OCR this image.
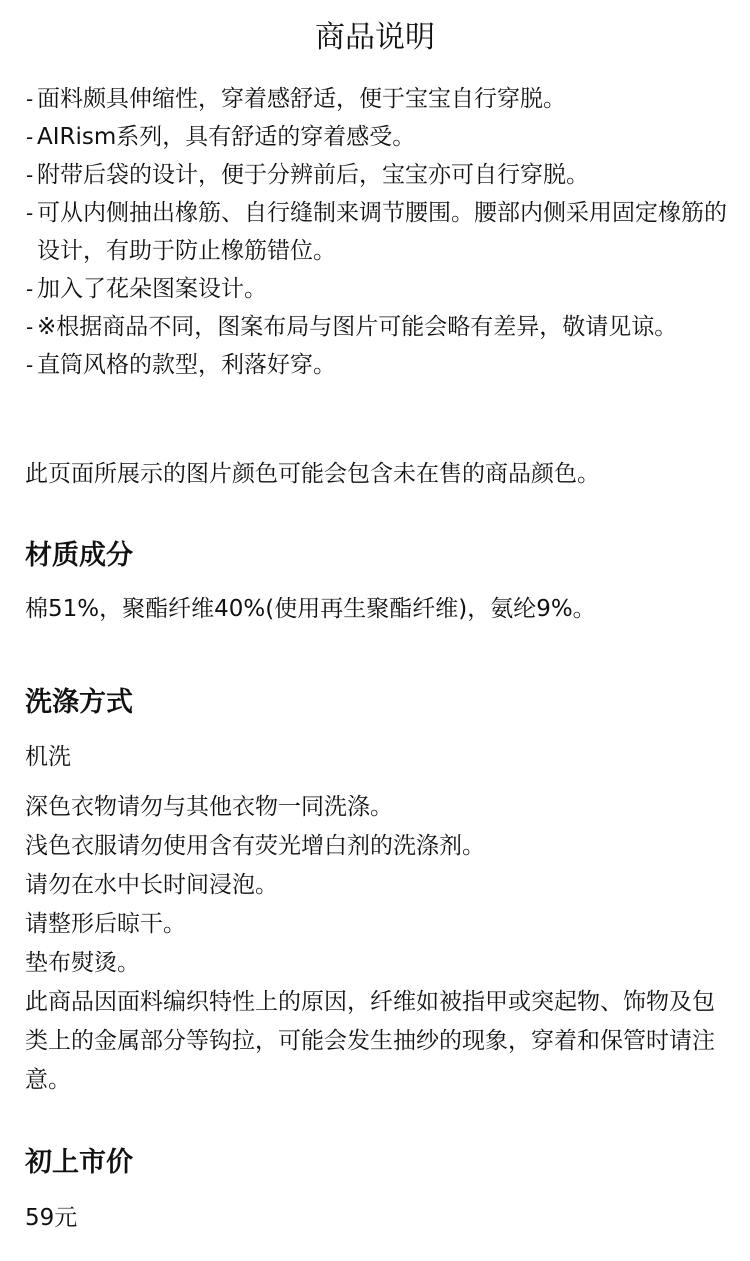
商品说明
- 面料颇具伸缩性，穿着感舒适，便于宝宝自行穿脱。
- AIRism系列，具有舒适的穿着感受。
- 附带后袋的设计，便于分辨前后，宝宝亦可自行穿脱。
- 可从内侧抽出橡筋、自行缝制来调节腰围。腰部内侧采用固定橡筋的设计，有助于防止橡筋错位。
- 加入了花朵图案设计。
- ※根据商品不同，图案布局与图片可能会略有差异，敬请见谅。
- 直筒风格的款型，利落好穿。

此页面所展示的图片颜色可能会包含未在售的商品颜色。

材质成分

棉51%，聚酯纤维40%(使用再生聚酯纤维)，氨纶9%。

洗涤方式

机洗

深色衣物请勿与其他衣物一同洗涤。
浅色衣服请勿使用含有荧光增白剂的洗涤剂。
请勿在水中长时间浸泡。
请整形后晾干。
垫布熨烫。
此商品因面料编织特性上的原因，纤维如被指甲或突起物、饰物及包类上的金属部分等钩拉，可能会发生抽纱的现象，穿着和保管时请注意。
初上市价

59元
